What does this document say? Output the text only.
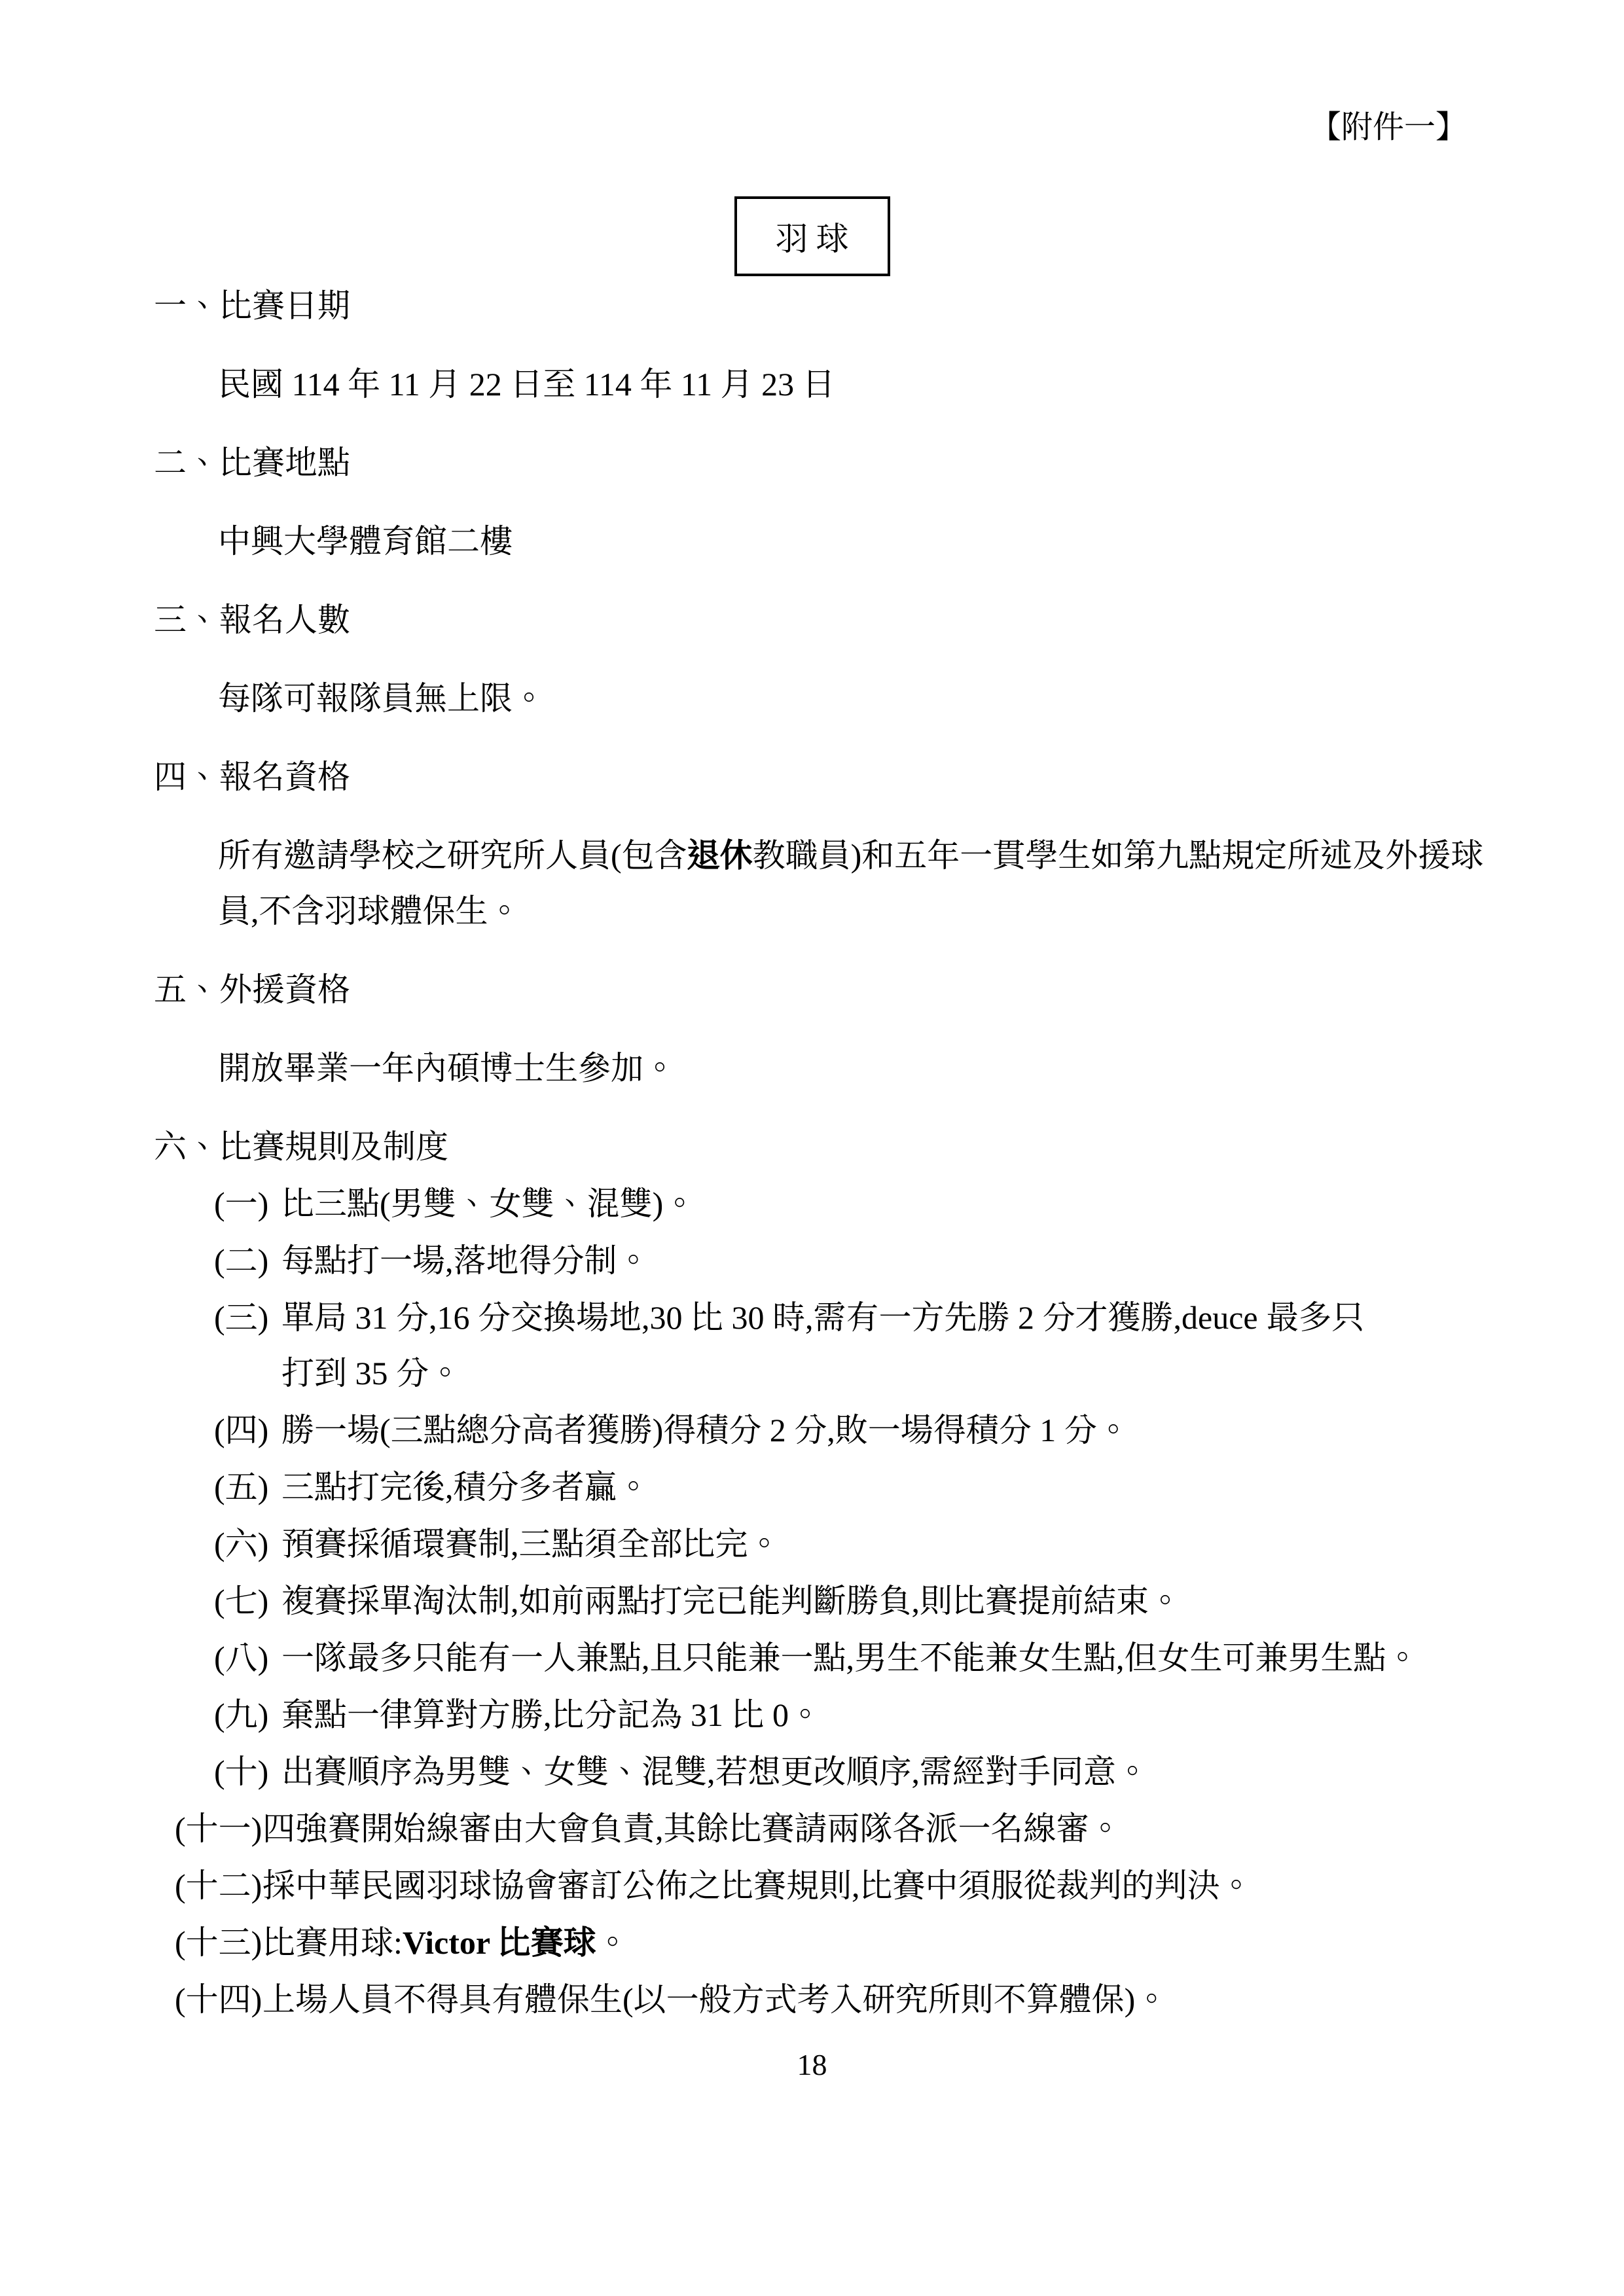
【附件一】
羽球
一、比賽日期
民國 114 年 11 月 22 日至 114 年 11 月 23 日
二、比賽地點
中興大學體育館二樓
三、報名人數
每隊可報隊員無上限。
四、報名資格
所有邀請學校之研究所人員(包含退休教職員)和五年一貫學生如第九點規定所述及外援球
員,不含羽球體保生。
五、外援資格
開放畢業一年內碩博士生參加。
六、比賽規則及制度
(一) 比三點(男雙、女雙、混雙)。
(二) 每點打一場,落地得分制。
(三) 單局 31 分,16 分交換場地,30 比 30 時,需有一方先勝 2 分才獲勝,deuce 最多只
打到 35 分。
(四) 勝一場(三點總分高者獲勝)得積分 2 分,敗一場得積分 1 分。
(五) 三點打完後,積分多者贏。
(六) 預賽採循環賽制,三點須全部比完。
(七) 複賽採單淘汰制,如前兩點打完已能判斷勝負,則比賽提前結束。
(八) 一隊最多只能有一人兼點,且只能兼一點,男生不能兼女生點,但女生可兼男生點。
(九) 棄點一律算對方勝,比分記為 31 比 0。
(十) 出賽順序為男雙、女雙、混雙,若想更改順序,需經對手同意。
(十一)四強賽開始線審由大會負責,其餘比賽請兩隊各派一名線審。
(十二)採中華民國羽球協會審訂公佈之比賽規則,比賽中須服從裁判的判決。
(十三)比賽用球:Victor 比賽球。
(十四)上場人員不得具有體保生(以一般方式考入研究所則不算體保)。
18
